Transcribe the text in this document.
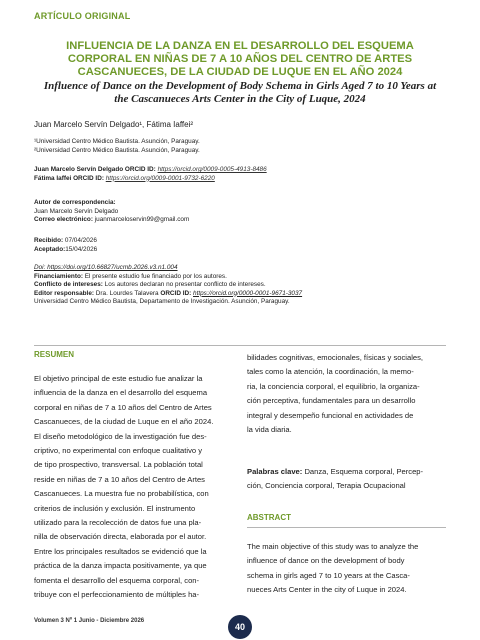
ARTÍCULO ORIGINAL
INFLUENCIA DE LA DANZA EN EL DESARROLLO DEL ESQUEMA
CORPORAL EN NIÑAS DE 7 A 10 AÑOS DEL CENTRO DE ARTES
CASCANUECES, DE LA CIUDAD DE LUQUE EN EL AÑO 2024
Influence of Dance on the Development of Body Schema in Girls Aged 7 to 10 Years at
the Cascanueces Arts Center in the City of Luque, 2024
Juan Marcelo Servín Delgado¹, Fátima Iaffei²
¹Universidad Centro Médico Bautista. Asunción, Paraguay.
²Universidad Centro Médico Bautista. Asunción, Paraguay.
Juan Marcelo Servín Delgado ORCID ID: https://orcid.org/0009-0005-4913-8486
Fátima Iaffei ORCID ID: https://orcid.org/0009-0001-9732-6220
Autor de correspondencia:
Juan Marcelo Servín Delgado
Correo electrónico: juanmarceloservin99@gmail.com
Recibido: 07/04/2026
Aceptado:15/04/2026
Doi: https://doi.org/10.66827/ucmb.2026.v3.n1.004
Financiamiento: El presente estudio fue financiado por los autores.
Conflicto de intereses: Los autores declaran no presentar conflicto de intereses.
Editor responsable: Dra. Lourdes Talavera ORCID ID: https://orcid.org/0000-0001-9671-3037
Universidad Centro Médico Bautista, Departamento de Investigación. Asunción, Paraguay.
RESUMEN
El objetivo principal de este estudio fue analizar la
influencia de la danza en el desarrollo del esquema
corporal en niñas de 7 a 10 años del Centro de Artes
Cascanueces, de la ciudad de Luque en el año 2024.
El diseño metodológico de la investigación fue des-
criptivo, no experimental con enfoque cualitativo y
de tipo prospectivo, transversal. La población total
reside en niñas de 7 a 10 años del Centro de Artes
Cascanueces. La muestra fue no probabilística, con
criterios de inclusión y exclusión. El instrumento
utilizado para la recolección de datos fue una pla-
nilla de observación directa, elaborada por el autor.
Entre los principales resultados se evidenció que la
práctica de la danza impacta positivamente, ya que
fomenta el desarrollo del esquema corporal, con-
tribuye con el perfeccionamiento de múltiples ha-
bilidades cognitivas, emocionales, físicas y sociales,
tales como la atención, la coordinación, la memo-
ria, la conciencia corporal, el equilibrio, la organiza-
ción perceptiva, fundamentales para un desarrollo
integral y desempeño funcional en actividades de
la vida diaria.
Palabras clave: Danza, Esquema corporal, Percep-
ción, Conciencia corporal, Terapia Ocupacional
ABSTRACT
The main objective of this study was to analyze the
influence of dance on the development of body
schema in girls aged 7 to 10 years at the Casca-
nueces Arts Center in the city of Luque in 2024.
Volumen 3 Nº 1 Junio - Diciembre 2026
40
